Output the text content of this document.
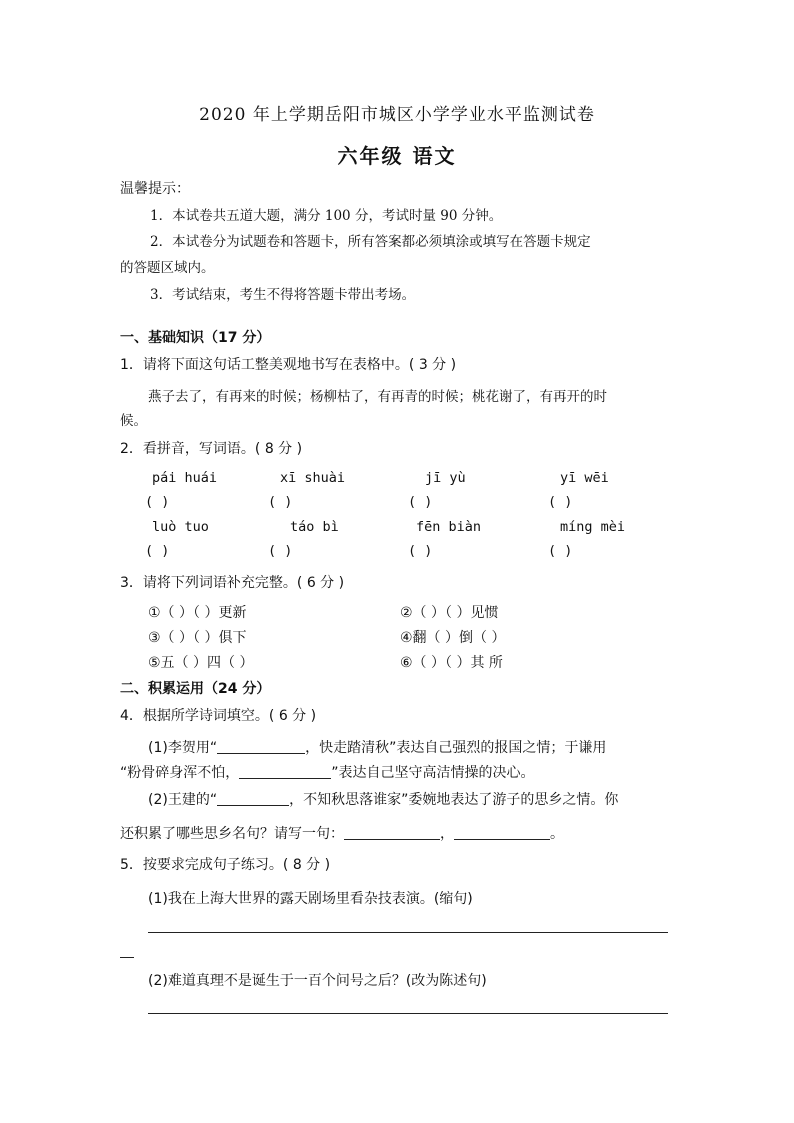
2020 年上学期岳阳市城区小学学业水平监测试卷
六年级 语文
温馨提示：
1．本试卷共五道大题，满分 100 分，考试时量 90 分钟。
2．本试卷分为试题卷和答题卡，所有答案都必须填涂或填写在答题卡规定
的答题区域内。
3．考试结束，考生不得将答题卡带出考场。
一、基础知识（17 分）
1．请将下面这句话工整美观地书写在表格中。( 3 分 )
燕子去了，有再来的时候；杨柳枯了，有再青的时候；桃花谢了，有再开的时
候。
2．看拼音，写词语。( 8 分 )
pái huái	xī shuài	jī yù	yī wēi
( )	( )	( )	( )
luò tuo	táo bì	fēn biàn	míng mèi
( )	( )	( )	( )
3．请将下列词语补充完整。( 6 分 )
①（ ）（ ）更新	②（ ）（ ）见惯
③（ ）（ ）俱下	④翻（ ）倒（ ）
⑤五（ ）四（ ）	⑥（ ）（ ）其 所
二、积累运用（24 分）
4．根据所学诗词填空。( 6 分 )
(1)李贺用“	，快走踏清秋”表达自己强烈的报国之情；于谦用
“粉骨碎身浑不怕，	”表达自己坚守高洁情操的决心。
(2)王建的“	，不知秋思落谁家”委婉地表达了游子的思乡之情。你
还积累了哪些思乡名句？请写一句：	，	。
5．按要求完成句子练习。( 8 分 )
(1)我在上海大世界的露天剧场里看杂技表演。(缩句)
(2)难道真理不是诞生于一百个问号之后？(改为陈述句)
